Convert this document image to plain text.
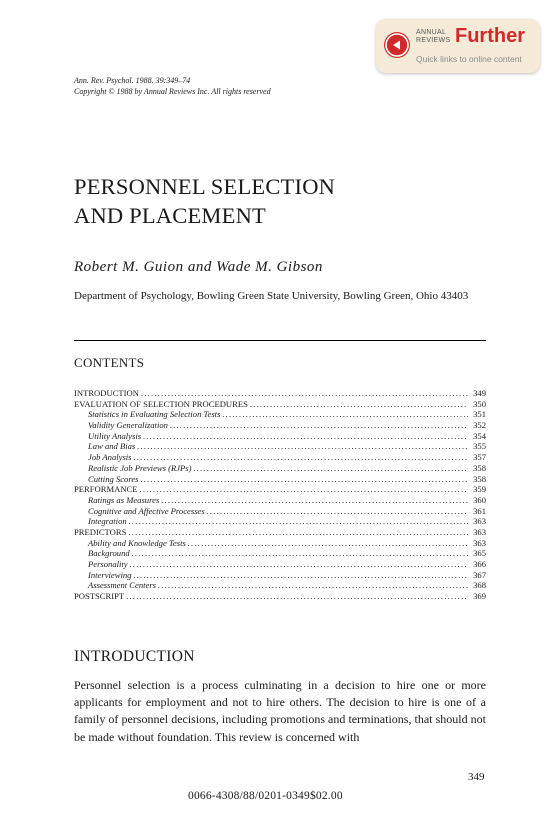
ANNUAL
REVIEWS Further
Quick links to online content
Ann. Rev. Psychol. 1988. 39:349–74
Copyright © 1988 by Annual Reviews Inc. All rights reserved
PERSONNEL SELECTION
AND PLACEMENT
Robert M. Guion and Wade M. Gibson
Department of Psychology, Bowling Green State University, Bowling Green, Ohio 43403
CONTENTS
INTRODUCTION .....	349
EVALUATION OF SELECTION PROCEDURES .....	350
Statistics in Evaluating Selection Tests .....	351
Validity Generalization .....	352
Utility Analysis .....	354
Law and Bias .....	355
Job Analysis .....	357
Realistic Job Previews (RJPs) .....	358
Cutting Scores .....	358
PERFORMANCE .....	359
Ratings as Measures .....	360
Cognitive and Affective Processes .....	361
Integration .....	363
PREDICTORS .....	363
Ability and Knowledge Tests .....	363
Background .....	365
Personality .....	366
Interviewing .....	367
Assessment Centers .....	368
POSTSCRIPT .....	369
INTRODUCTION
Personnel selection is a process culminating in a decision to hire one or more applicants for employment and not to hire others. The decision to hire is one of a family of personnel decisions, including promotions and terminations, that should not be made without foundation. This review is concerned with
349
0066-4308/88/0201-0349$02.00
